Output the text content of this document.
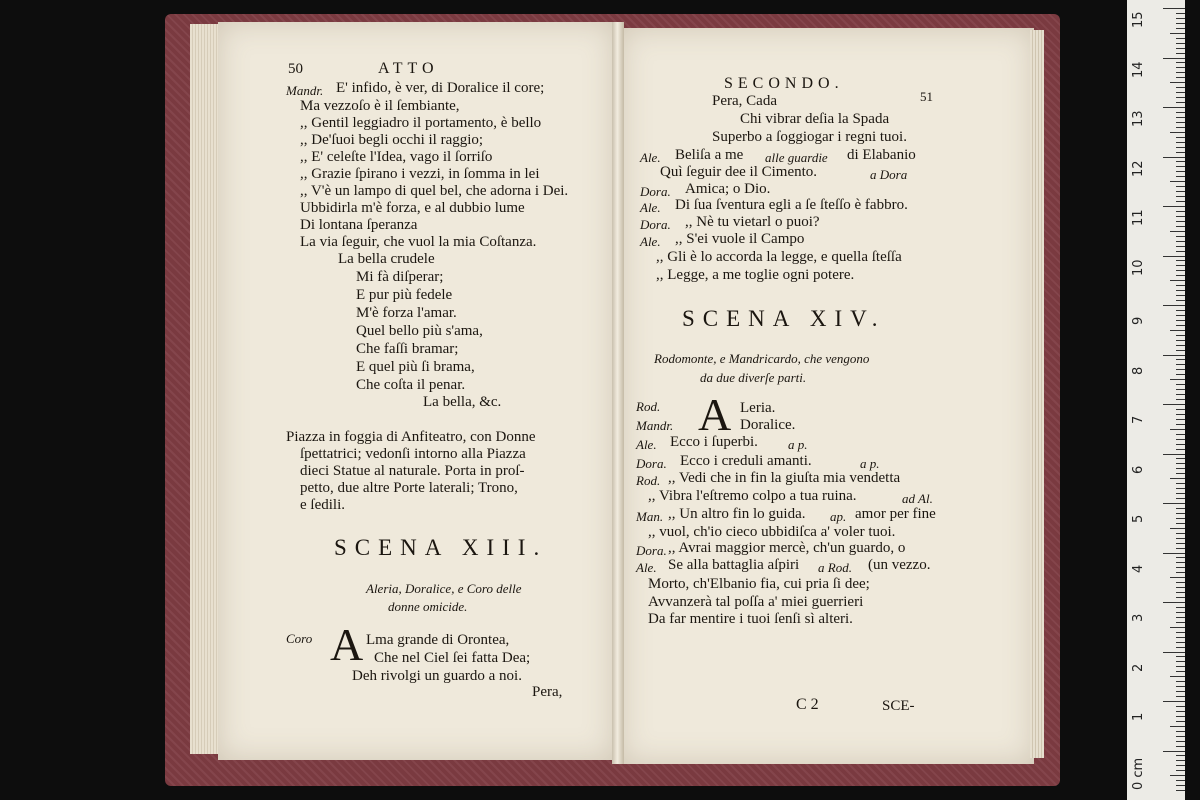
50	ATTO
Mandr. E' infido, è ver, di Doralice il core;
Ma vezzoſo è il ſembiante,
,, Gentil leggiadro il portamento, è bello
,, De'ſuoi begli occhi il raggio;
,, E' celeſte l'Idea, vago il ſorriſo
,, Grazie ſpirano i vezzi, in ſomma in lei
,, V'è un lampo di quel bel, che adorna i Dei.
Ubbidirla m'è forza, e al dubbio lume
Di lontana ſperanza
La via ſeguir, che vuol la mia Coſtanza.
La bella crudele
Mi fà diſperar;
E pur più fedele
M'è forza l'amar.
Quel bello più s'ama,
Che faſſi bramar;
E quel più ſi brama,
Che coſta il penar.
La bella, &c.
Piazza in foggia di Anfiteatro, con Donne
ſpettatrici; vedonſi intorno alla Piazza
dieci Statue al naturale. Porta in proſ-
petto, due altre Porte laterali; Trono,
e ſedili.
SCENA XIII.
Aleria, Doralice, e Coro delle
donne omicide.
Coro A Lma grande di Orontea,
Che nel Ciel ſei fatta Dea;
Deh rivolgi un guardo a noi.
Pera,
SECONDO.
51
Pera, Cada
Chi vibrar deſia la Spada
Superbo a ſoggiogar i regni tuoi.
Ale. Beliſa a me alle guardie di Elabanio
Quì ſeguir dee il Cimento.	a Dora
Dora. Amica; o Dio.
Ale. Di ſua ſventura egli a ſe ſteſſo è fabbro.
Dora. ,, Nè tu vietarl o puoi?
Ale. ,, S'ei vuole il Campo
,, Gli è lo accorda la legge, e quella ſteſſa
,, Legge, a me toglie ogni potere.
SCENA XIV.
Rodomonte, e Mandricardo, che vengono
da due diverſe parti.
Rod. A Leria.
Mandr.	Doralice.
Ale. Ecco i ſuperbi. a p.
Dora. Ecco i creduli amanti.	a p.
Rod. ,, Vedi che in fin la giuſta mia vendetta
,, Vibra l'eſtremo colpo a tua ruina.	ad Al.
Man. ,, Un altro fin lo guida. ap. amor per fine
,, vuol, ch'io cieco ubbidiſca a' voler tuoi.
Dora. ,, Avrai maggior mercè, ch'un guardo, o
Ale. Se alla battaglia aſpiri a Rod. (un vezzo.
Morto, ch'Elbanio fia, cui pria ſi dee;
Avvanzerà tal poſſa a' miei guerrieri
Da far mentire i tuoi ſenſi sì alteri.
C 2	SCE-
15
14
13
12
11
10
9
8
7
6
5
4
3
2
1
0 cm
